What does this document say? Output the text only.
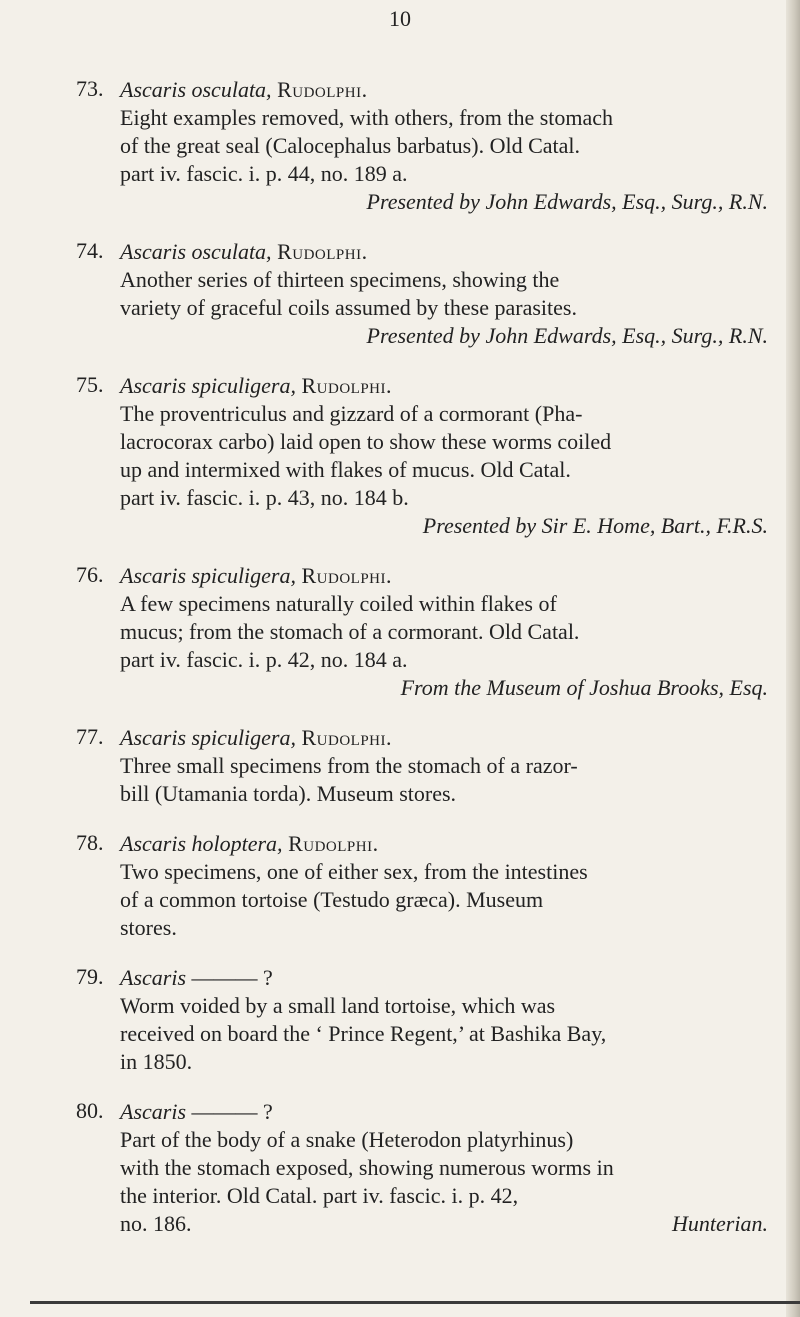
10
73. Ascaris osculata, Rudolphi.

Eight examples removed, with others, from the stomach
of the great seal (Calocephalus barbatus). Old Catal.
part iv. fascic. i. p. 44, no. 189 a.

Presented by John Edwards, Esq., Surg., R.N.

74. Ascaris osculata, Rudolphi.

Another series of thirteen specimens, showing the
variety of graceful coils assumed by these parasites.

Presented by John Edwards, Esq., Surg., R.N.

75. Ascaris spiculigera, Rudolphi.

The proventriculus and gizzard of a cormorant (Pha-
lacrocorax carbo) laid open to show these worms coiled
up and intermixed with flakes of mucus. Old Catal.
part iv. fascic. i. p. 43, no. 184 b.

Presented by Sir E. Home, Bart., F.R.S.

76. Ascaris spiculigera, Rudolphi.

A few specimens naturally coiled within flakes of
mucus; from the stomach of a cormorant. Old Catal.
part iv. fascic. i. p. 42, no. 184 a.

From the Museum of Joshua Brooks, Esq.

77. Ascaris spiculigera, Rudolphi.

Three small specimens from the stomach of a razor-
bill (Utamania torda). Museum stores.

78. Ascaris holoptera, Rudolphi.

Two specimens, one of either sex, from the intestines
of a common tortoise (Testudo græca). Museum
stores.

79. Ascaris ——— ?

Worm voided by a small land tortoise, which was
received on board the ‘ Prince Regent,’ at Bashika Bay,
in 1850.

80. Ascaris ——— ?

Part of the body of a snake (Heterodon platyrhinus)
with the stomach exposed, showing numerous worms in
the interior. Old Catal. part iv. fascic. i. p. 42,
no. 186.	Hunterian.
